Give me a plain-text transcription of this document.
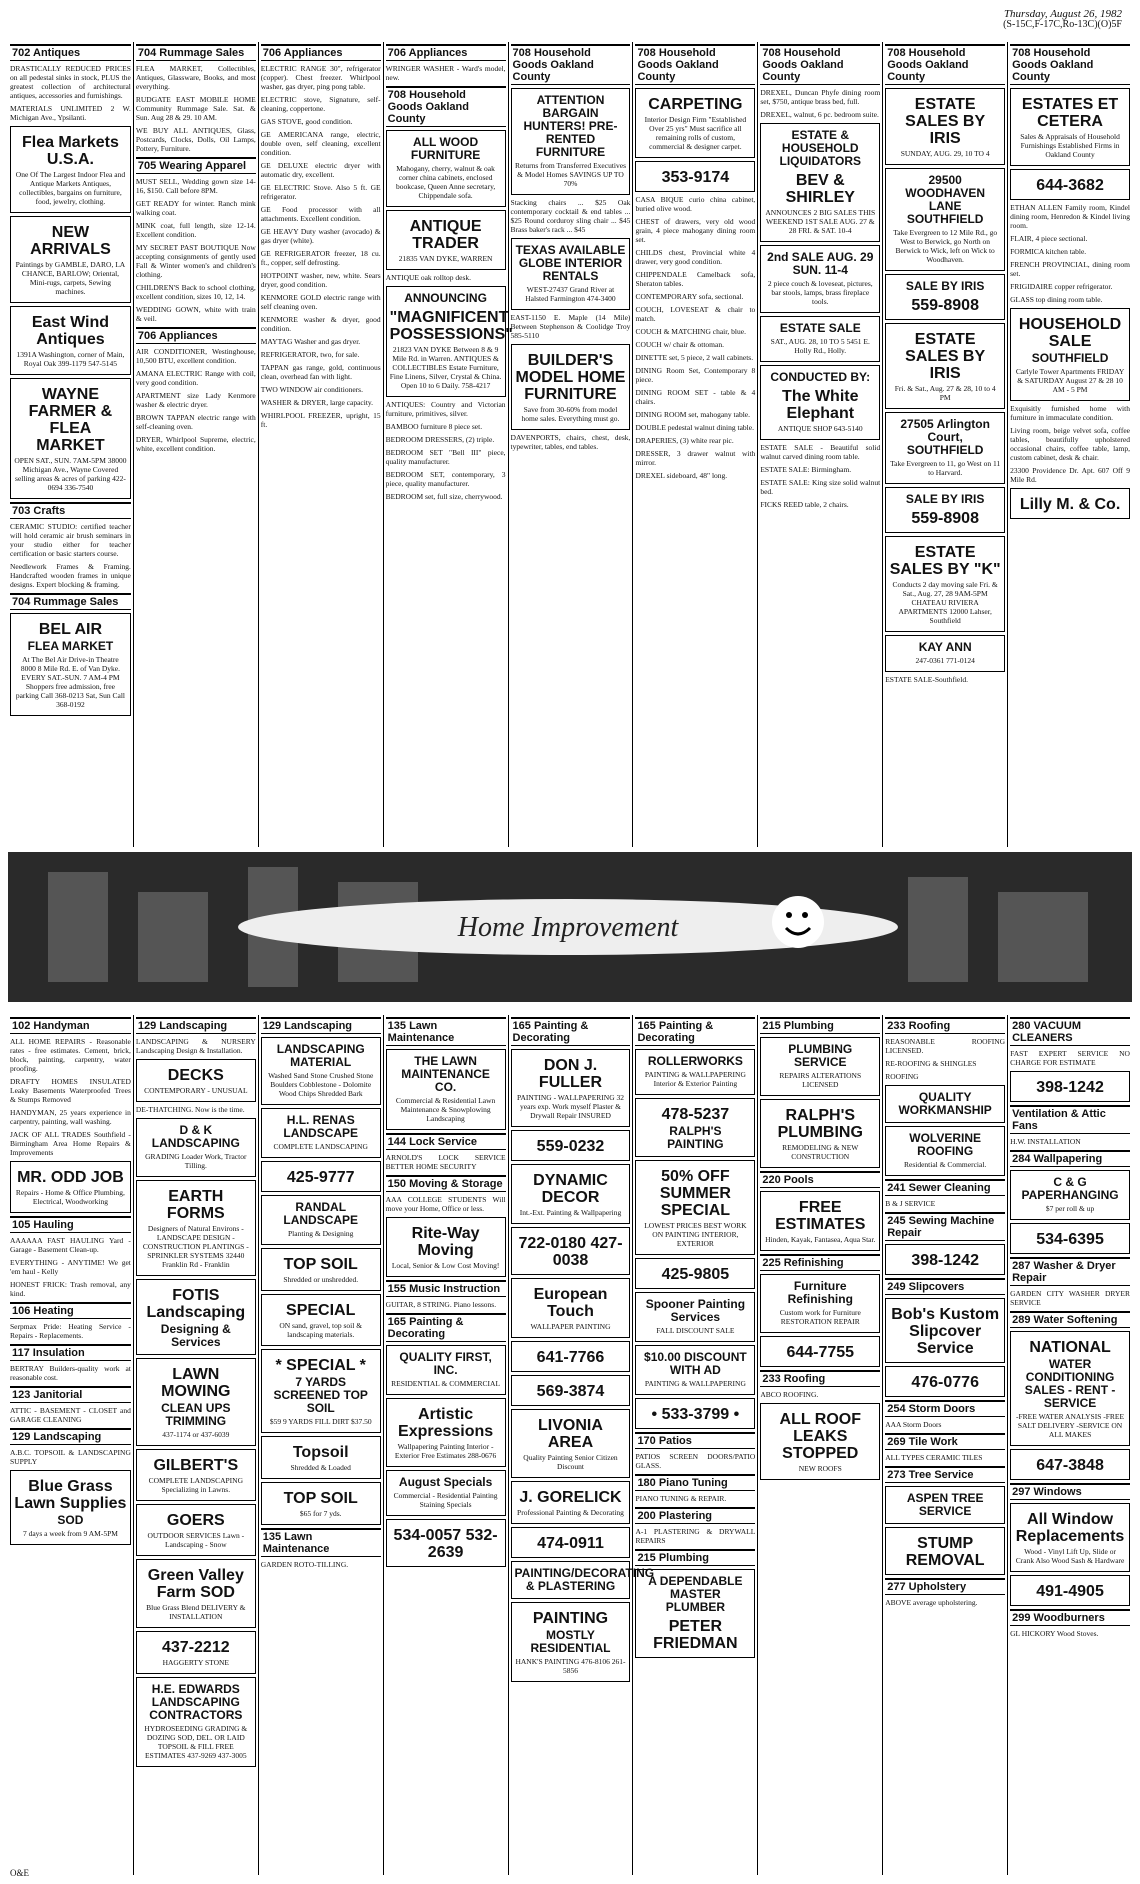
Thursday, August 26, 1982
(S-15C,F-17C,Ro-13C)(O)5F
702 Antiques

DRASTICALLY REDUCED PRICES on all pedestal sinks in stock, PLUS the greatest collection of architectural antiques, accessories and furnishings.

MATERIALS UNLIMITED 2 W. Michigan Ave., Ypsilanti.

Flea Markets U.S.A.

One Of The Largest Indoor Flea and Antique Markets Antiques, collectibles, bargains on furniture, food, jewelry, clothing.

NEW ARRIVALS

Paintings by GAMBLE, DARO, LA CHANCE, BARLOW; Oriental, Mini-rugs, carpets, Sewing machines.

East Wind Antiques

1391A Washington, corner of Main, Royal Oak 399-1179 547-5145

WAYNE FARMER & FLEA MARKET

OPEN SAT., SUN. 7AM-5PM 38000 Michigan Ave., Wayne Covered selling areas & acres of parking 422-0694 336-7540

703 Crafts

CERAMIC STUDIO: certified teacher will hold ceramic air brush seminars in your studio either for teacher certification or basic starters course.

Needlework Frames & Framing. Handcrafted wooden frames in unique designs. Expert blocking & framing.

704 Rummage Sales
BEL AIR
FLEA MARKET

At The Bel Air Drive-in Theatre 8000 8 Mile Rd. E. of Van Dyke. EVERY SAT.-SUN. 7 AM-4 PM Shoppers free admission, free parking Call 368-0213 Sat, Sun Call 368-0192

704 Rummage Sales

FLEA MARKET, Collectibles, Antiques, Glassware, Books, and most everything.

RUDGATE EAST MOBILE HOME Community Rummage Sale. Sat. & Sun. Aug 28 & 29. 10 AM.

WE BUY ALL ANTIQUES, Glass, Postcards, Clocks, Dolls, Oil Lamps, Pottery, Furniture.

705 Wearing Apparel

MUST SELL, Wedding gown size 14-16, $150. Call before 8PM.

GET READY for winter. Ranch mink walking coat.

MINK coat, full length, size 12-14. Excellent condition.

MY SECRET PAST BOUTIQUE Now accepting consignments of gently used Fall & Winter women's and children's clothing.

CHILDREN'S Back to school clothing, excellent condition, sizes 10, 12, 14.

WEDDING GOWN, white with train & veil.

706 Appliances

AIR CONDITIONER, Westinghouse, 10,500 BTU, excellent condition.

AMANA ELECTRIC Range with coil, very good condition.

APARTMENT size Lady Kenmore washer & electric dryer.

BROWN TAPPAN electric range with self-cleaning oven.

DRYER, Whirlpool Supreme, electric, white, excellent condition.

706 Appliances

ELECTRIC RANGE 30", refrigerator (copper). Chest freezer. Whirlpool washer, gas dryer, ping pong table.

ELECTRIC stove, Signature, self-cleaning, coppertone.

GAS STOVE, good condition.

GE AMERICANA range, electric, double oven, self cleaning, excellent condition.

GE DELUXE electric dryer with automatic dry, excellent.

GE ELECTRIC Stove. Also 5 ft. GE refrigerator.

GE Food processor with all attachments. Excellent condition.

GE HEAVY Duty washer (avocado) & gas dryer (white).

GE REFRIGERATOR freezer, 18 cu. ft., copper, self defrosting.

HOTPOINT washer, new, white. Sears dryer, good condition.

KENMORE GOLD electric range with self cleaning oven.

KENMORE washer & dryer, good condition.

MAYTAG Washer and gas dryer.

REFRIGERATOR, two, for sale.

TAPPAN gas range, gold, continuous clean, overhead fan with light.

TWO WINDOW air conditioners.

WASHER & DRYER, large capacity.

WHIRLPOOL FREEZER, upright, 15 ft.

706 Appliances

WRINGER WASHER - Ward's model, new.

708 Household Goods Oakland County
ALL WOOD FURNITURE

Mahogany, cherry, walnut & oak corner china cabinets, enclosed bookcase, Queen Anne secretary, Chippendale sofa.

ANTIQUE TRADER

21835 VAN DYKE, WARREN

ANTIQUE oak rolltop desk.

ANNOUNCING
"MAGNIFICENT POSSESSIONS"

21823 VAN DYKE Between 8 & 9 Mile Rd. in Warren. ANTIQUES & COLLECTIBLES Estate Furniture, Fine Linens, Silver, Crystal & China. Open 10 to 6 Daily. 758-4217

ANTIQUES: Country and Victorian furniture, primitives, silver.

BAMBOO furniture 8 piece set.

BEDROOM DRESSERS, (2) triple.

BEDROOM SET "Bell III" piece, quality manufacturer.

BEDROOM SET, contemporary, 3 piece, quality manufacturer.

BEDROOM set, full size, cherrywood.

708 Household Goods Oakland County
ATTENTION BARGAIN HUNTERS! PRE-RENTED FURNITURE

Returns from Transferred Executives & Model Homes SAVINGS UP TO 70%

Stacking chairs ... $25 Oak contemporary cocktail & end tables ... $25 Round corduroy sling chair ... $45 Brass baker's rack ... $45

TEXAS AVAILABLE GLOBE INTERIOR RENTALS

WEST-27437 Grand River at Halsted Farmington 474-3400

EAST-1150 E. Maple (14 Mile) Between Stephenson & Coolidge Troy 585-5110

BUILDER'S MODEL HOME FURNITURE

Save from 30-60% from model home sales. Everything must go.

DAVENPORTS, chairs, chest, desk, typewriter, tables, end tables.

708 Household Goods Oakland County
CARPETING

Interior Design Firm "Established Over 25 yrs" Must sacrifice all remaining rolls of custom, commercial & designer carpet.

353-9174

CASA BIQUE curio china cabinet, buried olive wood.

CHEST of drawers, very old wood grain, 4 piece mahogany dining room set.

CHILDS chest, Provincial white 4 drawer, very good condition.

CHIPPENDALE Camelback sofa, Sheraton tables.

CONTEMPORARY sofa, sectional.

COUCH, LOVESEAT & chair to match.

COUCH & MATCHING chair, blue.

COUCH w/ chair & ottoman.

DINETTE set, 5 piece, 2 wall cabinets.

DINING Room Set, Contemporary 8 piece.

DINING ROOM SET - table & 4 chairs.

DINING ROOM set, mahogany table.

DOUBLE pedestal walnut dining table.

DRAPERIES, (3) white rear pic.

DRESSER, 3 drawer walnut with mirror.

DREXEL sideboard, 48" long.

708 Household Goods Oakland County

DREXEL, Duncan Phyfe dining room set, $750, antique brass bed, full.

DREXEL, walnut, 6 pc. bedroom suite.

ESTATE & HOUSEHOLD LIQUIDATORS
BEV & SHIRLEY

ANNOUNCES 2 BIG SALES THIS WEEKEND 1ST SALE AUG. 27 & 28 FRI. & SAT. 10-4

2nd SALE AUG. 29 SUN. 11-4

2 piece couch & loveseat, pictures, bar stools, lamps, brass fireplace tools.

ESTATE SALE

SAT., AUG. 28, 10 TO 5 5451 E. Holly Rd., Holly.

CONDUCTED BY:
The White Elephant

ANTIQUE SHOP 643-5140

ESTATE SALE - Beautiful solid walnut carved dining room table.

ESTATE SALE: Birmingham.

ESTATE SALE: King size solid walnut bed.

FICKS REED table, 2 chairs.

708 Household Goods Oakland County
ESTATE SALES BY IRIS

SUNDAY, AUG. 29, 10 TO 4

29500 WOODHAVEN LANE SOUTHFIELD

Take Evergreen to 12 Mile Rd., go West to Berwick, go North on Berwick to Wick, left on Wick to Woodhaven.

SALE BY IRIS
559-8908
ESTATE SALES BY IRIS

Fri. & Sat., Aug. 27 & 28, 10 to 4 PM

27505 Arlington Court, SOUTHFIELD

Take Evergreen to 11, go West on 11 to Harvard.

SALE BY IRIS
559-8908
ESTATE SALES BY "K"

Conducts 2 day moving sale Fri. & Sat., Aug. 27, 28 9AM-5PM CHATEAU RIVIERA APARTMENTS 12000 Lahser, Southfield

KAY ANN

247-0361 771-0124

ESTATE SALE-Southfield.

708 Household Goods Oakland County
ESTATES ET CETERA

Sales & Appraisals of Household Furnishings Established Firms in Oakland County

644-3682

ETHAN ALLEN Family room, Kindel dining room, Henredon & Kindel living room.

FLAIR, 4 piece sectional.

FORMICA kitchen table.

FRENCH PROVINCIAL, dining room set.

FRIGIDAIRE copper refrigerator.

GLASS top dining room table.

HOUSEHOLD SALE
SOUTHFIELD

Carlyle Tower Apartments FRIDAY & SATURDAY August 27 & 28 10 AM - 5 PM

Exquisitly furnished home with furniture in immaculate condition.

Living room, beige velvet sofa, coffee tables, beautifully upholstered occasional chairs, coffee table, lamp, custom cabinet, desk & chair.

23300 Providence Dr. Apt. 607 Off 9 Mile Rd.

Lilly M. & Co.
Home Improvement
102 Handyman

ALL HOME REPAIRS - Reasonable rates - free estimates. Cement, brick, block, painting, carpentry, water proofing.

DRAFTY HOMES INSULATED Leaky Basements Waterproofed Trees & Stumps Removed

HANDYMAN, 25 years experience in carpentry, painting, wall washing.

JACK OF ALL TRADES Southfield - Birmingham Area Home Repairs & Improvements

MR. ODD JOB

Repairs - Home & Office Plumbing, Electrical, Woodworking

105 Hauling

AAAAAA FAST HAULING Yard - Garage - Basement Clean-up.

EVERYTHING - ANYTIME! We get 'em haul - Kelly

HONEST FRICK: Trash removal, any kind.

106 Heating

Serpmax Pride: Heating Service - Repairs - Replacements.

117 Insulation

BERTRAY Builders-quality work at reasonable cost.

123 Janitorial

ATTIC - BASEMENT - CLOSET and GARAGE CLEANING

129 Landscaping

A.B.C. TOPSOIL & LANDSCAPING SUPPLY

Blue Grass Lawn Supplies
SOD

7 days a week from 9 AM-5PM

129 Landscaping

LANDSCAPING & NURSERY Landscaping Design & Installation.

DECKS

CONTEMPORARY - UNUSUAL

DE-THATCHING. Now is the time.

D & K LANDSCAPING

GRADING Loader Work, Tractor Tilling.

EARTH FORMS

Designers of Natural Environs -LANDSCAPE DESIGN -CONSTRUCTION PLANTINGS -SPRINKLER SYSTEMS 32440 Franklin Rd - Franklin

FOTIS Landscaping
Designing & Services
LAWN MOWING
CLEAN UPS TRIMMING

437-1174 or 437-6039

GILBERT'S

COMPLETE LANDSCAPING Specializing in Lawns.

GOERS

OUTDOOR SERVICES Lawn - Landscaping - Snow

Green Valley Farm SOD

Blue Grass Blend DELIVERY & INSTALLATION

437-2212

HAGGERTY STONE

H.E. EDWARDS LANDSCAPING CONTRACTORS

HYDROSEEDING GRADING & DOZING SOD, DEL. OR LAID TOPSOIL & FILL FREE ESTIMATES 437-9269 437-3005

129 Landscaping
LANDSCAPING MATERIAL

Washed Sand Stone Crushed Stone Boulders Cobblestone - Dolomite Wood Chips Shredded Bark

H.L. RENAS LANDSCAPE

COMPLETE LANDSCAPING

425-9777
RANDAL LANDSCAPE

Planting & Designing

TOP SOIL

Shredded or unshredded.

SPECIAL

ON sand, gravel, top soil & landscaping materials.

* SPECIAL *
7 YARDS SCREENED TOP SOIL

$59 9 YARDS FILL DIRT $37.50

Topsoil

Shredded & Loaded

TOP SOIL

$65 for 7 yds.

135 Lawn Maintenance

GARDEN ROTO-TILLING.

135 Lawn Maintenance
THE LAWN MAINTENANCE CO.

Commercial & Residential Lawn Maintenance & Snowplowing Landscaping

144 Lock Service

ARNOLD'S LOCK SERVICE BETTER HOME SECURITY

150 Moving & Storage

AAA COLLEGE STUDENTS Will move your Home, Office or less.

Rite-Way Moving

Local, Senior & Low Cost Moving!

155 Music Instruction

GUITAR, 8 STRING. Piano lessons.

165 Painting & Decorating
QUALITY FIRST, INC.

RESIDENTIAL & COMMERCIAL

Artistic Expressions

Wallpapering Painting Interior - Exterior Free Estimates 288-0676

August Specials

Commercial - Residential Painting Staining Specials

534-0057 532-2639
165 Painting & Decorating
DON J. FULLER

PAINTING - WALLPAPERING 32 years exp. Work myself Plaster & Drywall Repair INSURED

559-0232
DYNAMIC DECOR

Int.-Ext. Painting & Wallpapering

722-0180 427-0038
European Touch

WALLPAPER PAINTING

641-7766
569-3874
LIVONIA AREA

Quality Painting Senior Citizen Discount

J. GORELICK

Professional Painting & Decorating

474-0911
PAINTING/DECORATING & PLASTERING
PAINTING
MOSTLY RESIDENTIAL

HANK'S PAINTING 476-8106 261-5856

165 Painting & Decorating
ROLLERWORKS

PAINTING & WALLPAPERING Interior & Exterior Painting

478-5237
RALPH'S PAINTING
50% OFF SUMMER SPECIAL

LOWEST PRICES BEST WORK ON PAINTING INTERIOR, EXTERIOR

425-9805
Spooner Painting Services

FALL DISCOUNT SALE

$10.00 DISCOUNT WITH AD

PAINTING & WALLPAPERING

• 533-3799 •
170 Patios

PATIOS SCREEN DOORS/PATIO GLASS.

180 Piano Tuning

PIANO TUNING & REPAIR.

200 Plastering

A-1 PLASTERING & DRYWALL REPAIRS

215 Plumbing
A DEPENDABLE MASTER PLUMBER
PETER FRIEDMAN
215 Plumbing
PLUMBING SERVICE

REPAIRS ALTERATIONS LICENSED

RALPH'S PLUMBING

REMODELING & NEW CONSTRUCTION

220 Pools
FREE ESTIMATES

Hinden, Kayak, Fantasea, Aqua Star.

225 Refinishing
Furniture Refinishing

Custom work for Furniture RESTORATION REPAIR

644-7755
233 Roofing

ABCO ROOFING.

ALL ROOF LEAKS STOPPED

NEW ROOFS

233 Roofing

REASONABLE ROOFING LICENSED.

RE-ROOFING & SHINGLES

ROOFING

QUALITY WORKMANSHIP
WOLVERINE ROOFING

Residential & Commercial.

241 Sewer Cleaning

B & J SERVICE

245 Sewing Machine Repair
398-1242
249 Slipcovers
Bob's Kustom Slipcover Service
476-0776
254 Storm Doors

AAA Storm Doors

269 Tile Work

ALL TYPES CERAMIC TILES

273 Tree Service
ASPEN TREE SERVICE
STUMP REMOVAL
277 Upholstery

ABOVE average upholstering.

280 VACUUM CLEANERS

FAST EXPERT SERVICE NO CHARGE FOR ESTIMATE

398-1242
Ventilation & Attic Fans

H.W. INSTALLATION

284 Wallpapering
C & G PAPERHANGING

$7 per roll & up

534-6395
287 Washer & Dryer Repair

GARDEN CITY WASHER DRYER SERVICE

289 Water Softening
NATIONAL
WATER CONDITIONING SALES - RENT - SERVICE

-FREE WATER ANALYSIS -FREE SALT DELIVERY -SERVICE ON ALL MAKES

647-3848
297 Windows
All Window Replacements

Wood - Vinyl Lift Up, Slide or Crank Also Wood Sash & Hardware

491-4905
299 Woodburners

GL HICKORY Wood Stoves.

O&E
